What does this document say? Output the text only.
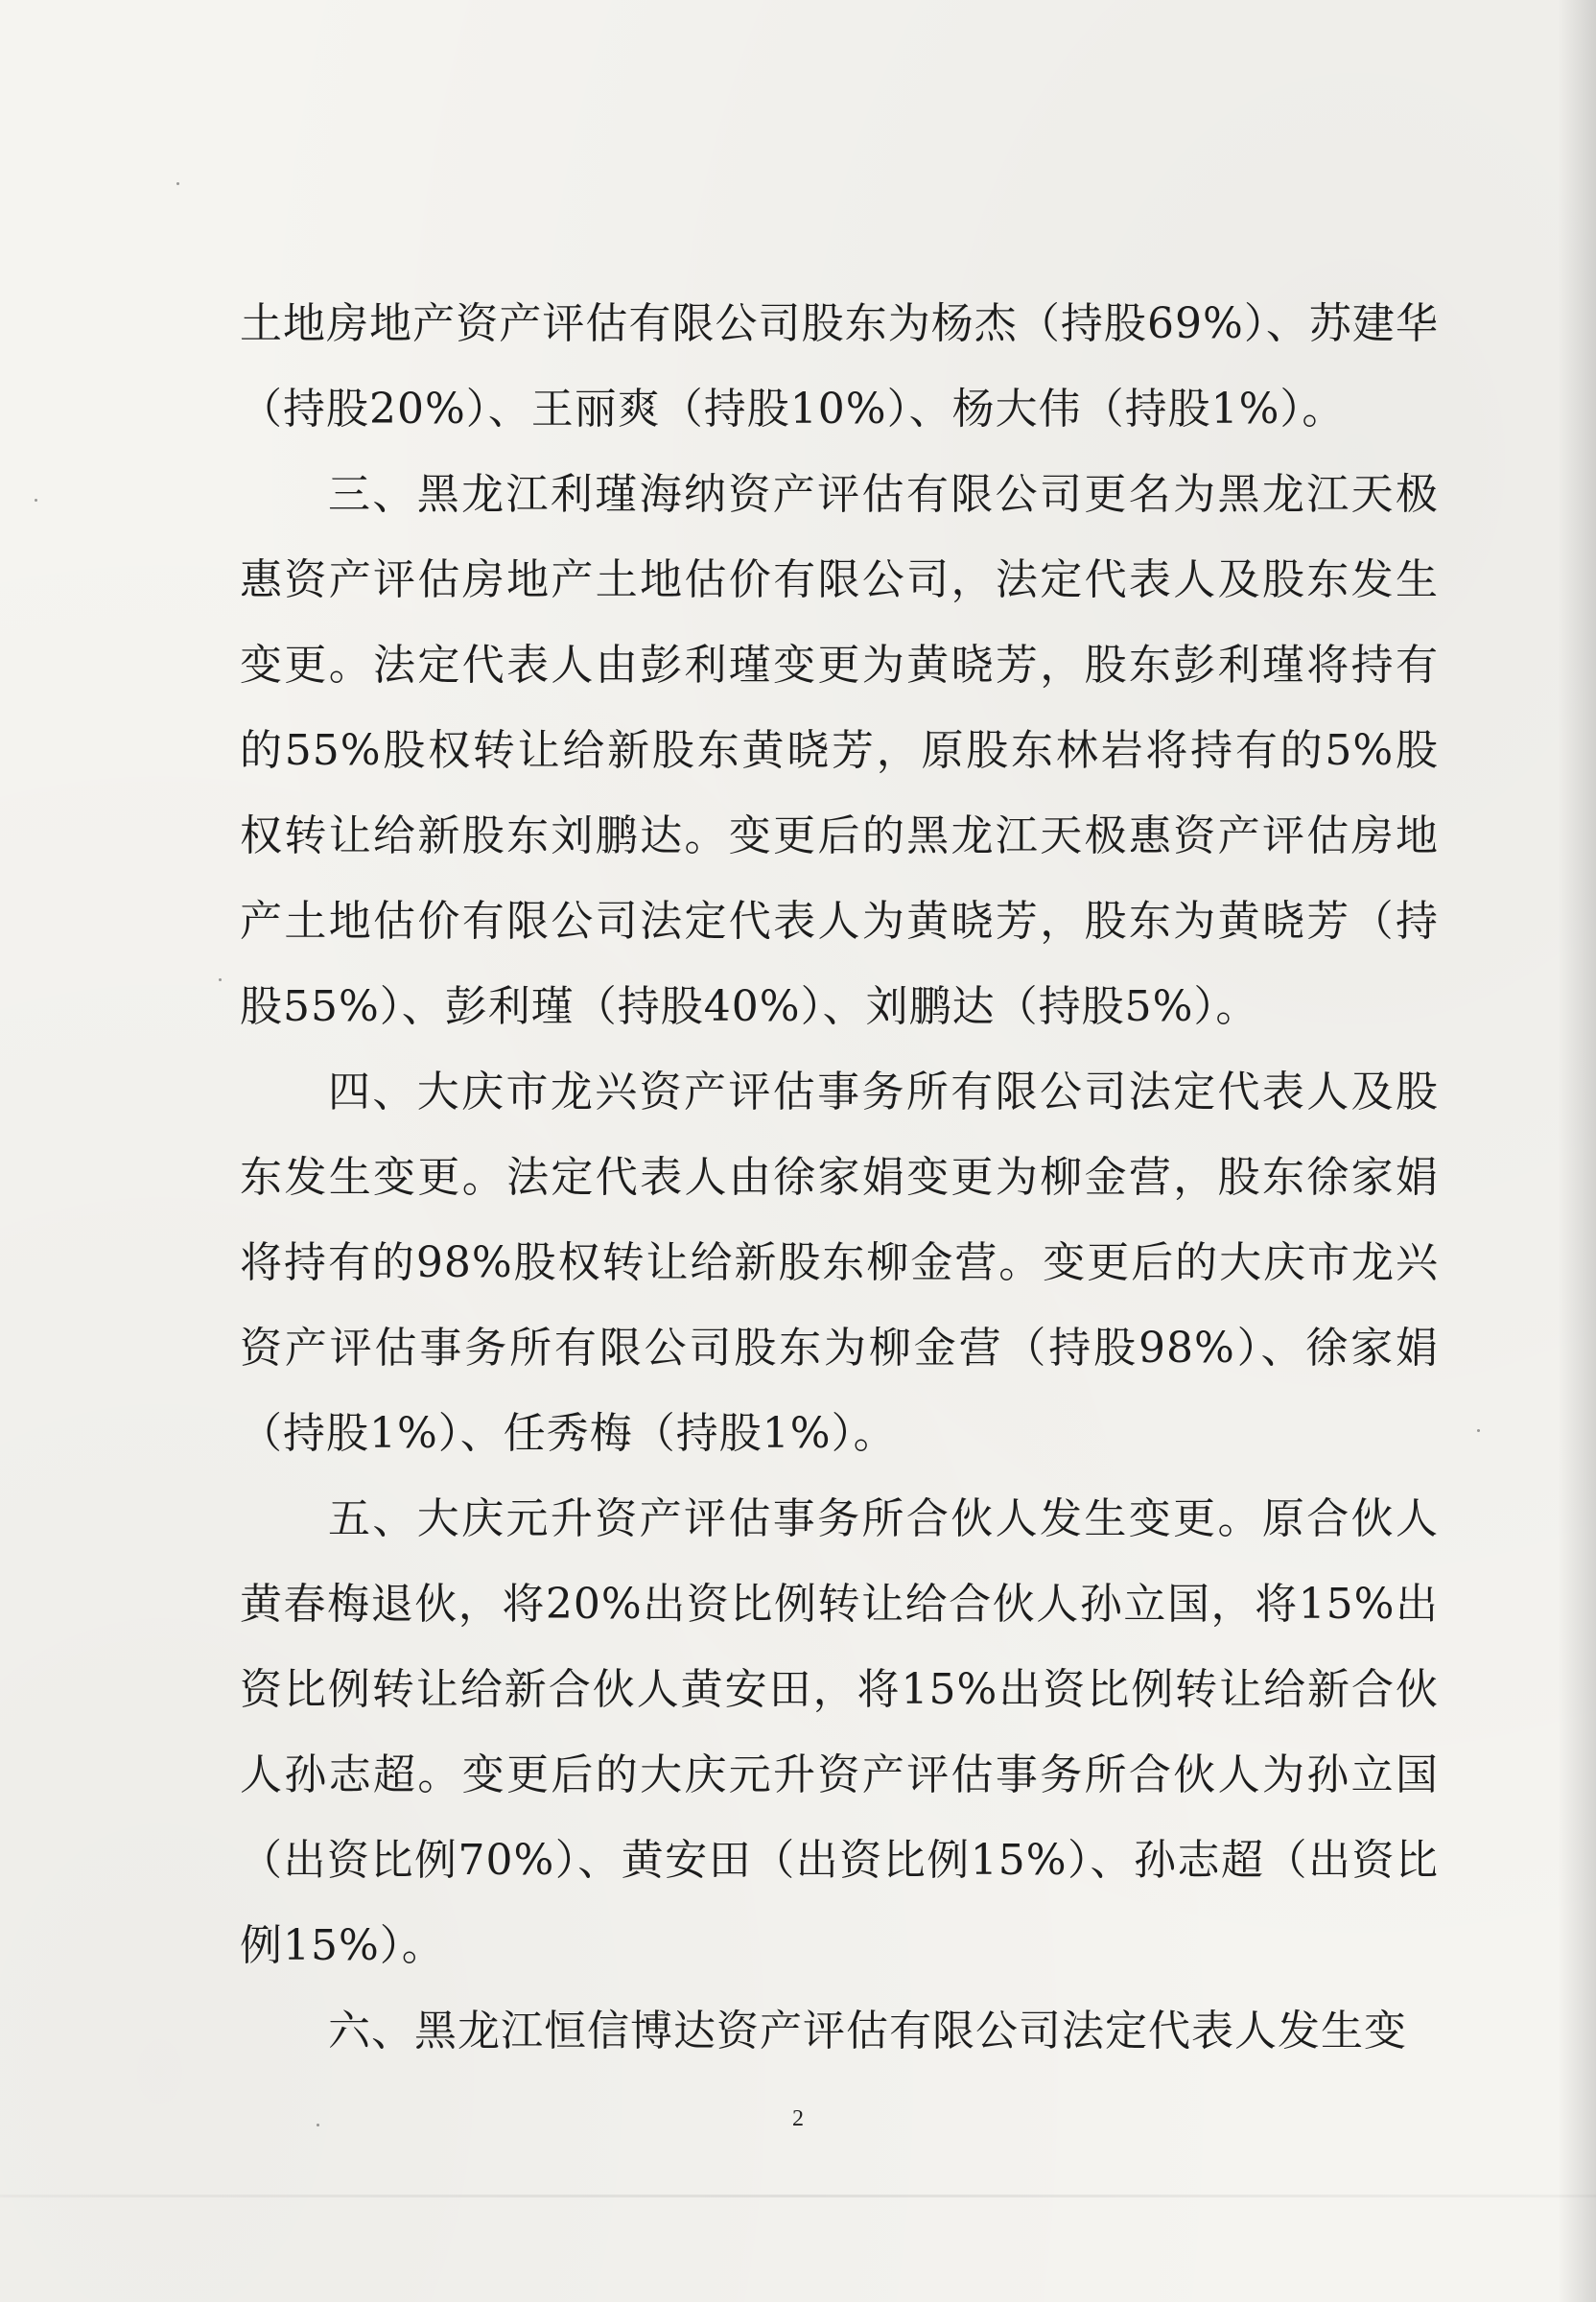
土地房地产资产评估有限公司股东为杨杰（持股69%）、苏建华（持股20%）、王丽爽（持股10%）、杨大伟（持股1%）。

三、黑龙江利瑾海纳资产评估有限公司更名为黑龙江天极惠资产评估房地产土地估价有限公司，法定代表人及股东发生变更。法定代表人由彭利瑾变更为黄晓芳，股东彭利瑾将持有的55%股权转让给新股东黄晓芳，原股东林岩将持有的5%股权转让给新股东刘鹏达。变更后的黑龙江天极惠资产评估房地产土地估价有限公司法定代表人为黄晓芳，股东为黄晓芳（持股55%）、彭利瑾（持股40%）、刘鹏达（持股5%）。

四、大庆市龙兴资产评估事务所有限公司法定代表人及股东发生变更。法定代表人由徐家娟变更为柳金营，股东徐家娟将持有的98%股权转让给新股东柳金营。变更后的大庆市龙兴资产评估事务所有限公司股东为柳金营（持股98%）、徐家娟（持股1%）、任秀梅（持股1%）。

五、大庆元升资产评估事务所合伙人发生变更。原合伙人黄春梅退伙，将20%出资比例转让给合伙人孙立国，将15%出资比例转让给新合伙人黄安田，将15%出资比例转让给新合伙人孙志超。变更后的大庆元升资产评估事务所合伙人为孙立国（出资比例70%）、黄安田（出资比例15%）、孙志超（出资比例15%）。

六、黑龙江恒信博达资产评估有限公司法定代表人发生变

2
